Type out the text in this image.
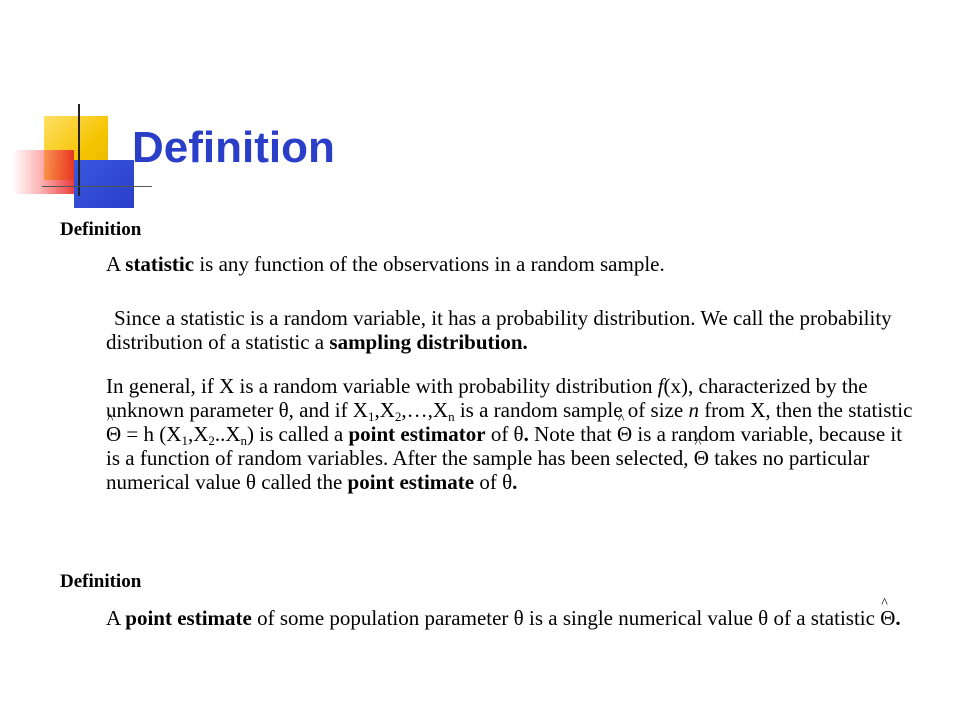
Definition

Definition

A statistic is any function of the observations in a random sample.

Since a statistic is a random variable, it has a probability distribution. We call the probability distribution of a statistic a sampling distribution.

In general, if X is a random variable with probability distribution f(x), characterized by the unknown parameter θ, and if $X_1,X_2,\dots,X_n$ is a random sample of size n from X, then the statistic ^ Θ = h $(X_1,X_2..X_n)$ is called a point estimator of θ. Note that ^ Θ is a random variable, because it is a function of random variables. After the sample has been selected, ^ Θ takes no particular numerical value θ called the point estimate of θ.

Definition

A point estimate of some population parameter θ is a single numerical value θ of a statistic ^ Θ.
